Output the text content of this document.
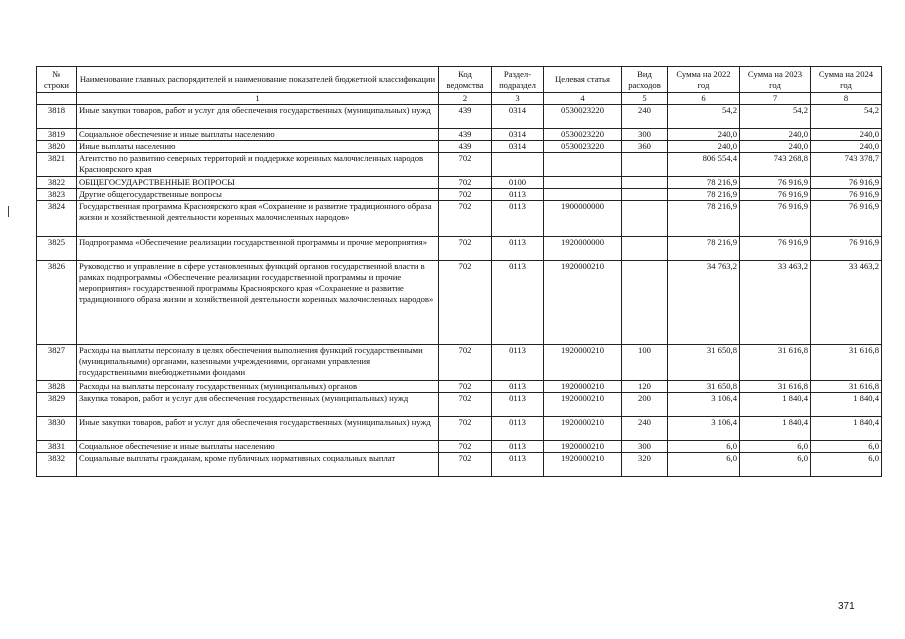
№ строки	Наименование главных распорядителей и наименование показателей бюджетной классификации	Код ведомства	Раздел-подраздел	Целевая статья	Вид расходов	Сумма на 2022 год	Сумма на 2023 год	Сумма на 2024 год
	1	2	3	4	5	6	7	8
3818	Иные закупки товаров, работ и услуг для обеспечения государственных (муниципальных) нужд	439	0314	0530023220	240	54,2	54,2	54,2
3819	Социальное обеспечение и иные выплаты населению	439	0314	0530023220	300	240,0	240,0	240,0
3820	Иные выплаты населению	439	0314	0530023220	360	240,0	240,0	240,0
3821	Агентство по развитию северных территорий и поддержке коренных малочисленных народов Красноярского края	702				806 554,4	743 268,8	743 378,7
3822	ОБЩЕГОСУДАРСТВЕННЫЕ ВОПРОСЫ	702	0100			78 216,9	76 916,9	76 916,9
3823	Другие общегосударственные вопросы	702	0113			78 216,9	76 916,9	76 916,9
3824	Государственная программа Красноярского края «Сохранение и развитие традиционного образа жизни и хозяйственной деятельности коренных малочисленных народов»	702	0113	1900000000		78 216,9	76 916,9	76 916,9
3825	Подпрограмма «Обеспечение реализации государственной программы и прочие мероприятия»	702	0113	1920000000		78 216,9	76 916,9	76 916,9
3826	Руководство и управление в сфере установленных функций органов государственной власти в рамках подпрограммы «Обеспечение реализации государственной программы и прочие мероприятия» государственной программы Красноярского края «Сохранение и развитие традиционного образа жизни и хозяйственной деятельности коренных малочисленных народов»	702	0113	1920000210		34 763,2	33 463,2	33 463,2
3827	Расходы на выплаты персоналу в целях обеспечения выполнения функций государственными (муниципальными) органами, казенными учреждениями, органами управления государственными внебюджетными фондами	702	0113	1920000210	100	31 650,8	31 616,8	31 616,8
3828	Расходы на выплаты персоналу государственных (муниципальных) органов	702	0113	1920000210	120	31 650,8	31 616,8	31 616,8
3829	Закупка товаров, работ и услуг для обеспечения государственных (муниципальных) нужд	702	0113	1920000210	200	3 106,4	1 840,4	1 840,4
3830	Иные закупки товаров, работ и услуг для обеспечения государственных (муниципальных) нужд	702	0113	1920000210	240	3 106,4	1 840,4	1 840,4
3831	Социальное обеспечение и иные выплаты населению	702	0113	1920000210	300	6,0	6,0	6,0
3832	Социальные выплаты гражданам, кроме публичных нормативных социальных выплат	702	0113	1920000210	320	6,0	6,0	6,0
371
